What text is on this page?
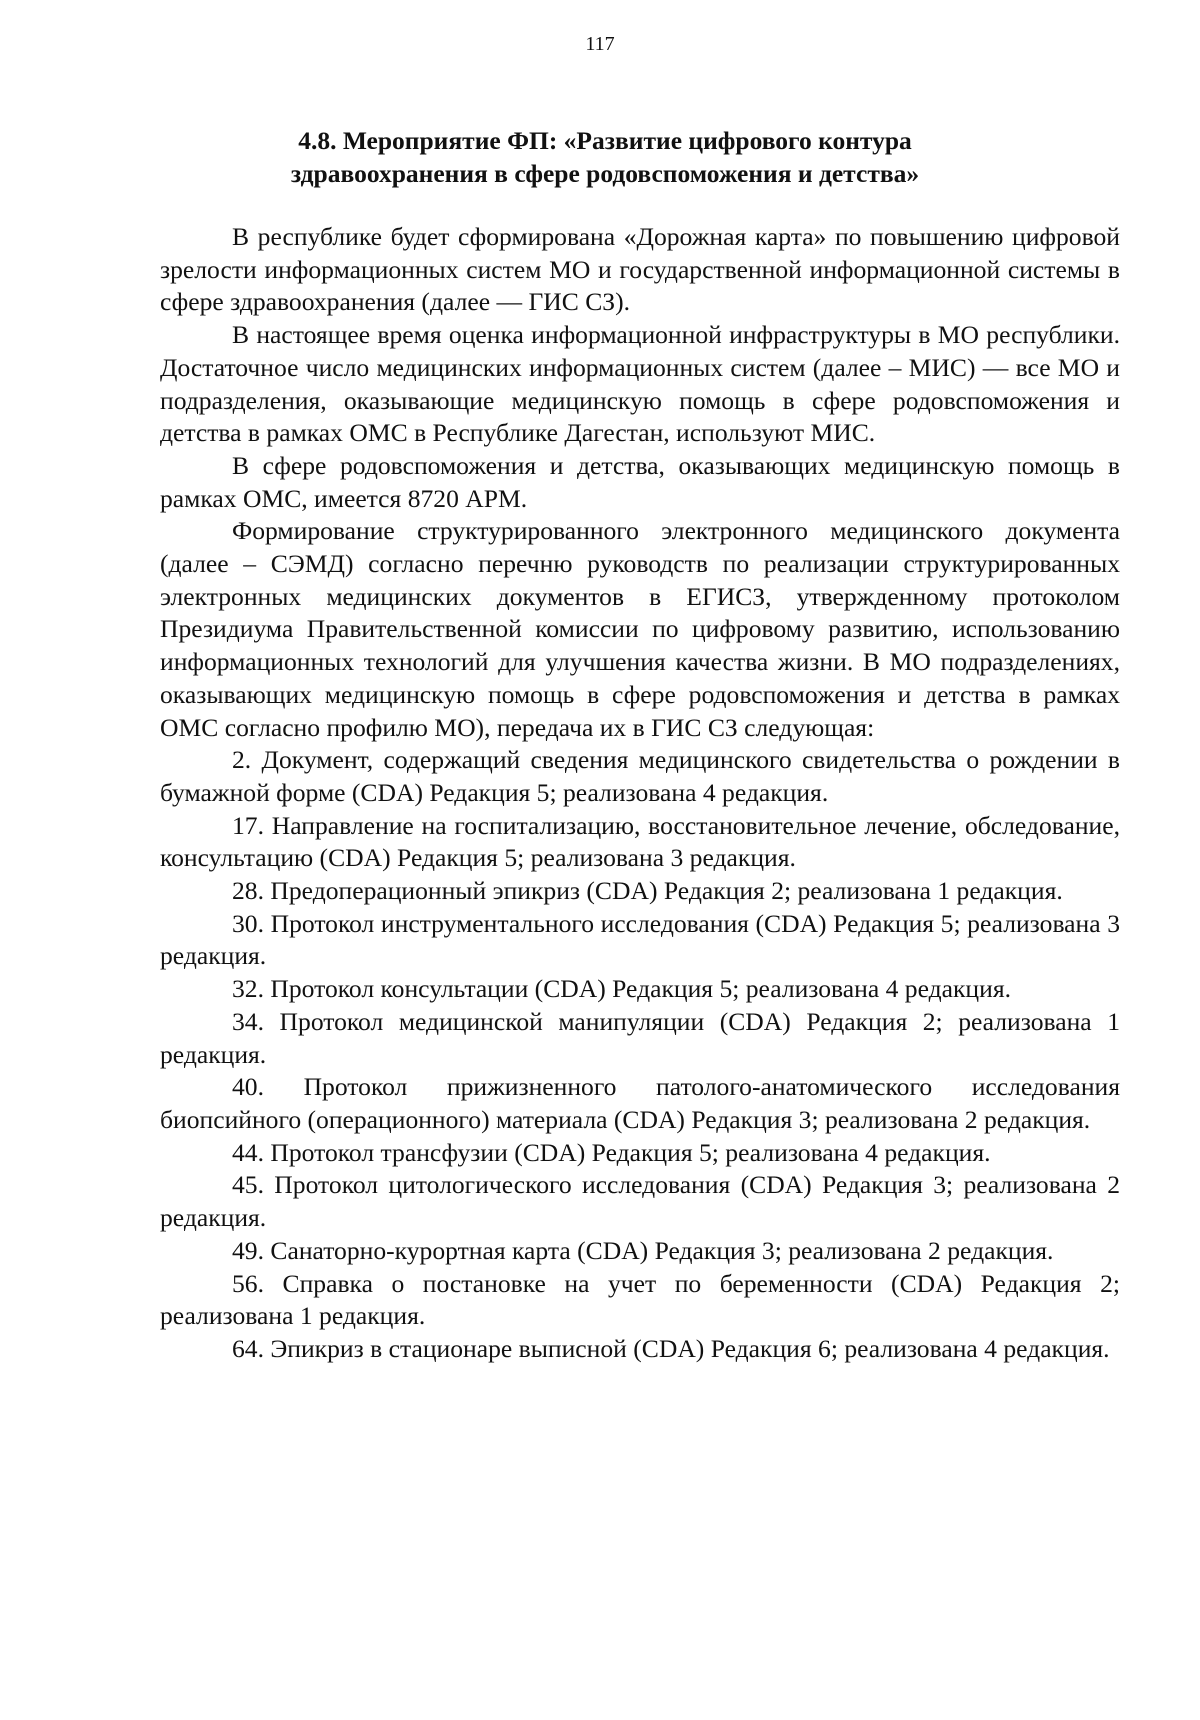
117
4.8. Мероприятие ФП: «Развитие цифрового контура
здравоохранения в сфере родовспоможения и детства»

В республике будет сформирована «Дорожная карта» по повышению цифровой зрелости информационных систем МО и государственной информационной системы в сфере здравоохранения (далее — ГИС СЗ).

В настоящее время оценка информационной инфраструктуры в МО республики. Достаточное число медицинских информационных систем (далее – МИС) — все МО и подразделения, оказывающие медицинскую помощь в сфере родовспоможения и детства в рамках ОМС в Республике Дагестан, используют МИС.

В сфере родовспоможения и детства, оказывающих медицинскую помощь в рамках ОМС, имеется 8720 АРМ.

Формирование структурированного электронного медицинского документа (далее – СЭМД) согласно перечню руководств по реализации структурированных электронных медицинских документов в ЕГИСЗ, утвержденному протоколом Президиума Правительственной комиссии по цифровому развитию, использованию информационных технологий для улучшения качества жизни. В МО подразделениях, оказывающих медицинскую помощь в сфере родовспоможения и детства в рамках ОМС согласно профилю МО), передача их в ГИС СЗ следующая:

2. Документ, содержащий сведения медицинского свидетельства о рождении в бумажной форме (CDA) Редакция 5; реализована 4 редакция.

17. Направление на госпитализацию, восстановительное лечение, обследование, консультацию (CDA) Редакция 5; реализована 3 редакция.

28. Предоперационный эпикриз (CDA) Редакция 2; реализована 1 редакция.

30. Протокол инструментального исследования (CDA) Редакция 5; реализована 3 редакция.

32. Протокол консультации (CDA) Редакция 5; реализована 4 редакция.

34. Протокол медицинской манипуляции (CDA) Редакция 2; реализована 1 редакция.

40. Протокол прижизненного патолого-анатомического исследования биопсийного (операционного) материала (CDA) Редакция 3; реализована 2 редакция.

44. Протокол трансфузии (CDA) Редакция 5; реализована 4 редакция.

45. Протокол цитологического исследования (CDA) Редакция 3; реализована 2 редакция.

49. Санаторно-курортная карта (CDA) Редакция 3; реализована 2 редакция.

56. Справка о постановке на учет по беременности (CDA) Редакция 2; реализована 1 редакция.

64. Эпикриз в стационаре выписной (CDA) Редакция 6; реализована 4 редакция.
